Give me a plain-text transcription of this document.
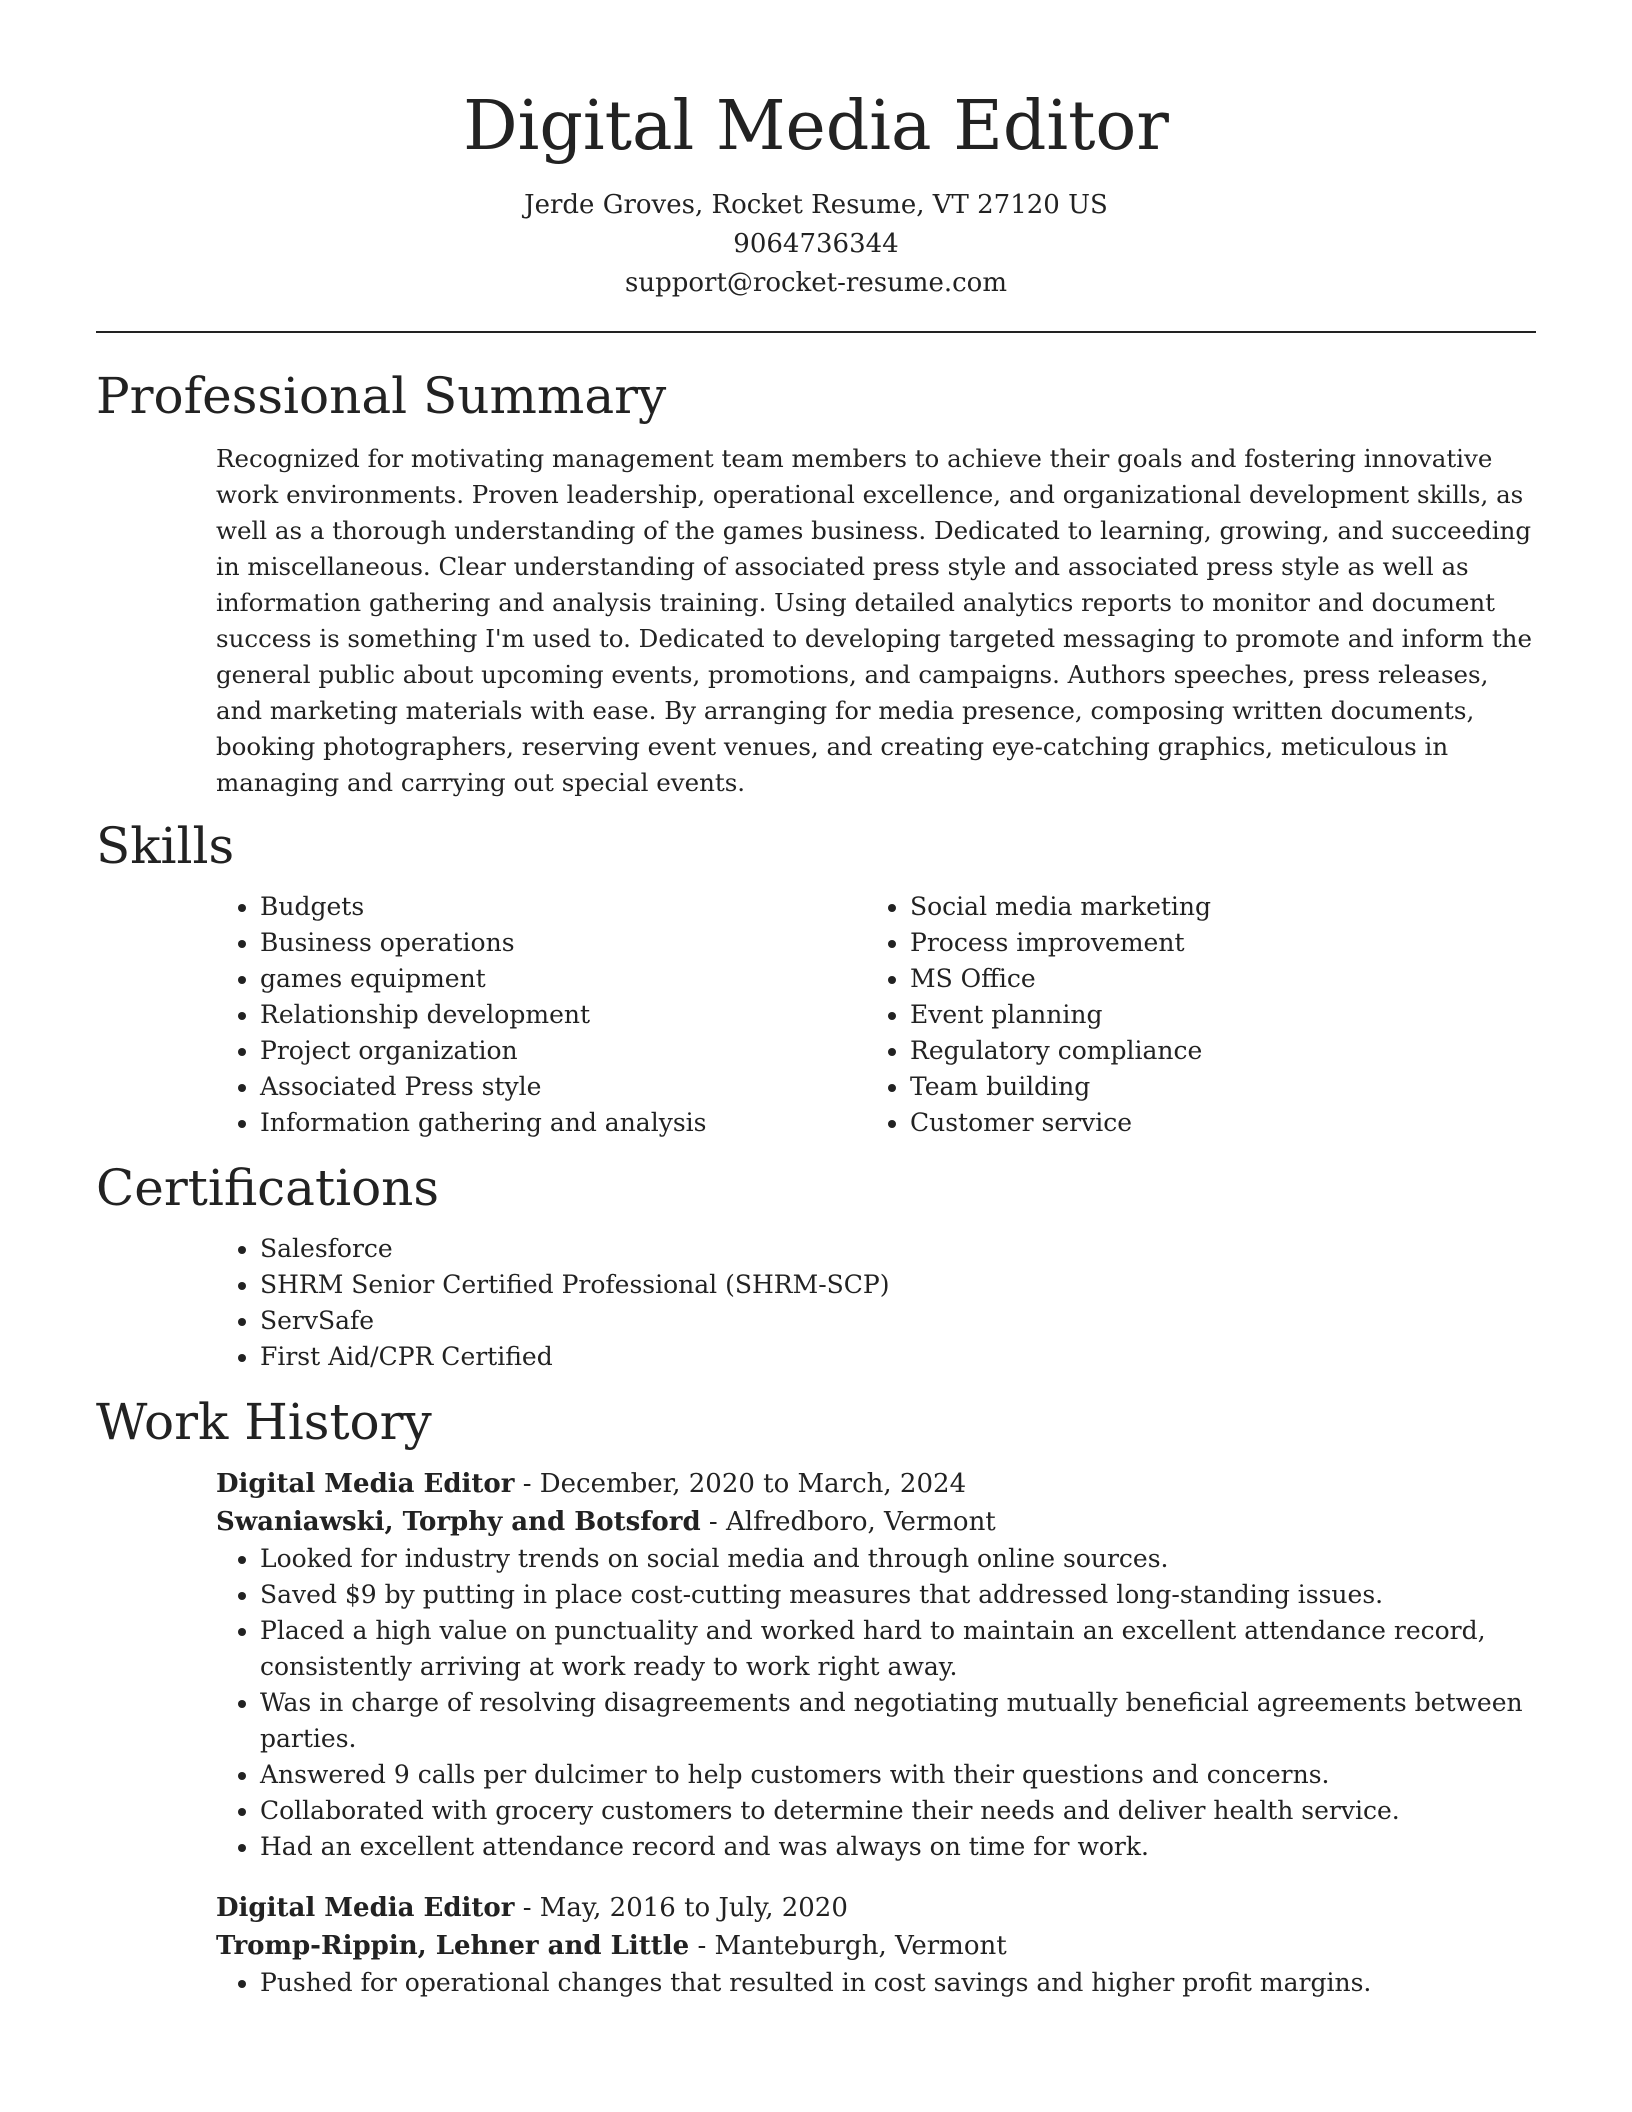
Digital Media Editor
Jerde Groves, Rocket Resume, VT 27120 US
9064736344
support@rocket-resume.com
Professional Summary

Recognized for motivating management team members to achieve their goals and fostering innovative work environments. Proven leadership, operational excellence, and organizational development skills, as well as a thorough understanding of the games business. Dedicated to learning, growing, and succeeding in miscellaneous. Clear understanding of associated press style and associated press style as well as information gathering and analysis training. Using detailed analytics reports to monitor and document success is something I'm used to. Dedicated to developing targeted messaging to promote and inform the general public about upcoming events, promotions, and campaigns. Authors speeches, press releases, and marketing materials with ease. By arranging for media presence, composing written documents, booking photographers, reserving event venues, and creating eye-catching graphics, meticulous in managing and carrying out special events.

Skills
• Budgets
• Business operations
• games equipment
• Relationship development
• Project organization
• Associated Press style
• Information gathering and analysis
• Social media marketing
• Process improvement
• MS Office
• Event planning
• Regulatory compliance
• Team building
• Customer service
Certifications
• Salesforce
• SHRM Senior Certified Professional (SHRM-SCP)
• ServSafe
• First Aid/CPR Certified
Work History
Digital Media Editor - December, 2020 to March, 2024
Swaniawski, Torphy and Botsford - Alfredboro, Vermont
• Looked for industry trends on social media and through online sources.
• Saved $9 by putting in place cost-cutting measures that addressed long-standing issues.
• Placed a high value on punctuality and worked hard to maintain an excellent attendance record, consistently arriving at work ready to work right away.
• Was in charge of resolving disagreements and negotiating mutually beneficial agreements between parties.
• Answered 9 calls per dulcimer to help customers with their questions and concerns.
• Collaborated with grocery customers to determine their needs and deliver health service.
• Had an excellent attendance record and was always on time for work.
Digital Media Editor - May, 2016 to July, 2020
Tromp-Rippin, Lehner and Little - Manteburgh, Vermont
• Pushed for operational changes that resulted in cost savings and higher profit margins.
